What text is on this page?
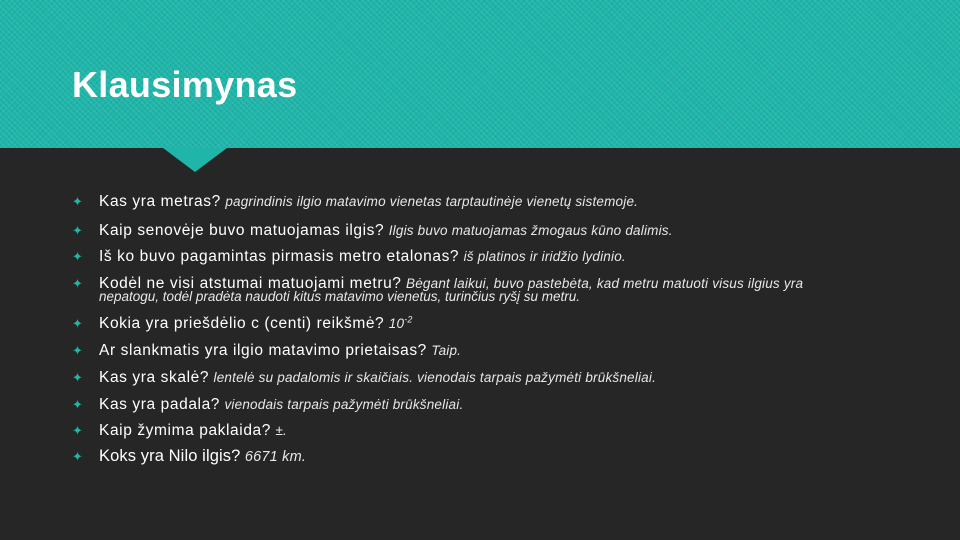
Klausimynas
✦	Kas yra metras? pagrindinis ilgio matavimo vienetas tarptautinėje vienetų sistemoje.
✦	Kaip senovėje buvo matuojamas ilgis? Ilgis buvo matuojamas žmogaus kūno dalimis.
✦	Iš ko buvo pagamintas pirmasis metro etalonas? iš platinos ir iridžio lydinio.
✦	Kodėl ne visi atstumai matuojami metru? Bėgant laikui, buvo pastebėta, kad metru matuoti visus ilgius yra
nepatogu, todėl pradėta naudoti kitus matavimo vienetus, turinčius ryšį su metru.
✦	Kokia yra priešdėlio c (centi) reikšmė? $10^{-2}$
✦	Ar slankmatis yra ilgio matavimo prietaisas? Taip.
✦	Kas yra skalė? lentelė su padalomis ir skaičiais. vienodais tarpais pažymėti brūkšneliai.
✦	Kas yra padala? vienodais tarpais pažymėti brūkšneliai.
✦	Kaip žymima paklaida? ±.
✦ Koks yra Nilo ilgis? 6671 km.
